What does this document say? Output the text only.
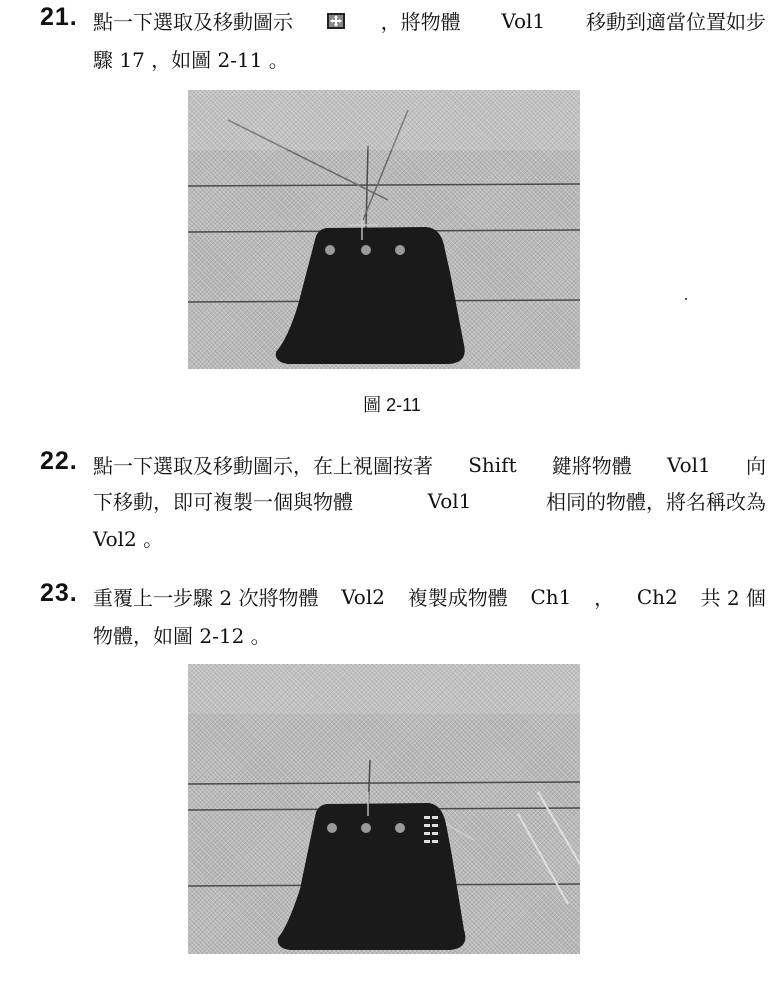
21. 點一下選取及移動圖示	，將物體 Vol1 移動到適當位置如步
驟 17 ，如圖 2-11 。
圖 2-11
22. 點一下選取及移動圖示，在上視圖按著 Shift 鍵將物體 Vol1 向
下移動，即可複製一個與物體	Vol1	相同的物體，將名稱改為
Vol2 。
23. 重覆上一步驟 2 次將物體 Vol2 複製成物體 Ch1 ， Ch2 共 2 個
物體，如圖 2-12 。
